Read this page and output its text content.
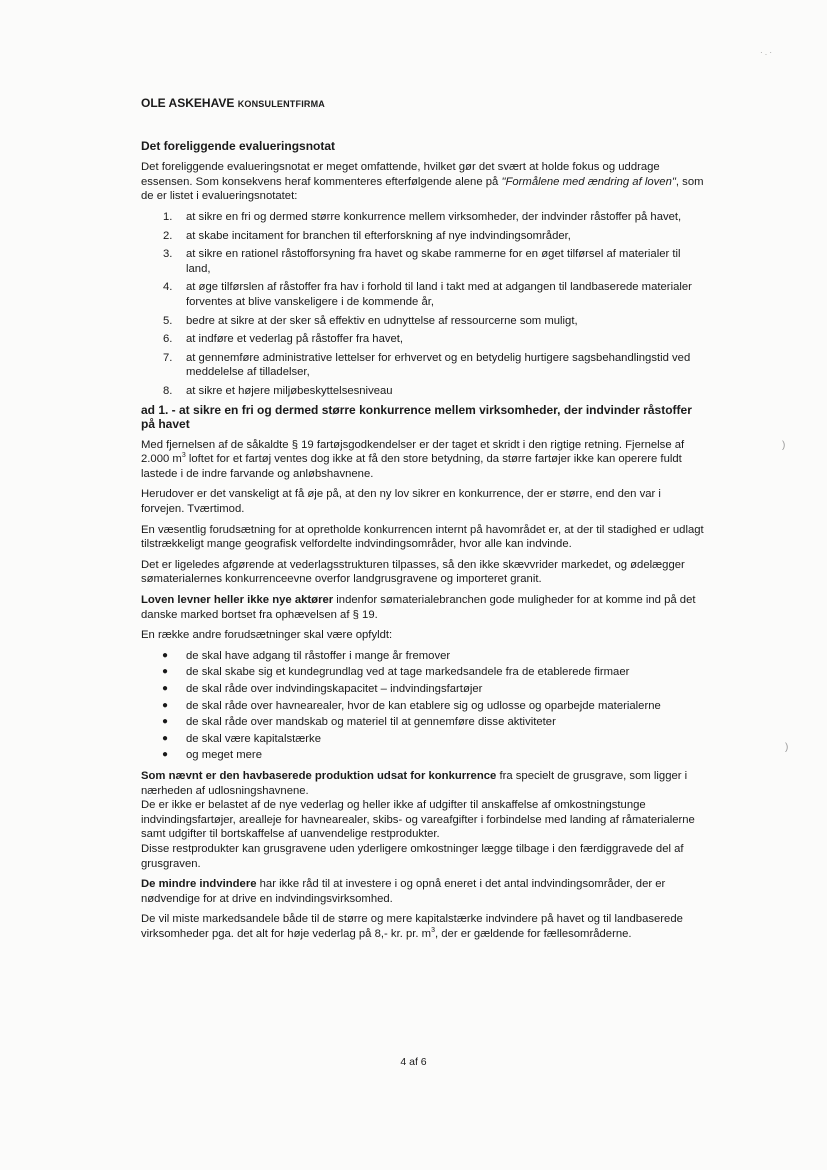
)
)
· . ·
OLE ASKEHAVE KONSULENTFIRMA
Det foreliggende evalueringsnotat

Det foreliggende evalueringsnotat er meget omfattende, hvilket gør det svært at holde fokus og uddrage essensen. Som konsekvens heraf kommenteres efterfølgende alene på "Formålene med ændring af loven", som de er listet i evalueringsnotatet:

1. at sikre en fri og dermed større konkurrence mellem virksomheder, der indvinder råstoffer på havet,
2. at skabe incitament for branchen til efterforskning af nye indvindingsområder,
3. at sikre en rationel råstofforsyning fra havet og skabe rammerne for en øget tilførsel af materialer til land,
4. at øge tilførslen af råstoffer fra hav i forhold til land i takt med at adgangen til landbaserede materialer forventes at blive vanskeligere i de kommende år,
5. bedre at sikre at der sker så effektiv en udnyttelse af ressourcerne som muligt,
6. at indføre et vederlag på råstoffer fra havet,
7. at gennemføre administrative lettelser for erhvervet og en betydelig hurtigere sagsbehandlingstid ved meddelelse af tilladelser,
8. at sikre et højere miljøbeskyttelsesniveau
ad 1. - at sikre en fri og dermed større konkurrence mellem virksomheder, der indvinder råstoffer på havet

Med fjernelsen af de såkaldte § 19 fartøjsgodkendelser er der taget et skridt i den rigtige retning. Fjernelse af 2.000 $m^3$ loftet for et fartøj ventes dog ikke at få den store betydning, da større fartøjer ikke kan operere fuldt lastede i de indre farvande og anløbshavnene.

Herudover er det vanskeligt at få øje på, at den ny lov sikrer en konkurrence, der er større, end den var i forvejen. Tværtimod.

En væsentlig forudsætning for at opretholde konkurrencen internt på havområdet er, at der til stadighed er udlagt tilstrækkeligt mange geografisk velfordelte indvindingsområder, hvor alle kan indvinde.

Det er ligeledes afgørende at vederlagsstrukturen tilpasses, så den ikke skævvrider markedet, og ødelægger sømaterialernes konkurrenceevne overfor landgrusgravene og importeret granit.

Loven levner heller ikke nye aktører indenfor sømaterialebranchen gode muligheder for at komme ind på det danske marked bortset fra ophævelsen af § 19.

En række andre forudsætninger skal være opfyldt:

● de skal have adgang til råstoffer i mange år fremover
● de skal skabe sig et kundegrundlag ved at tage markedsandele fra de etablerede firmaer
● de skal råde over indvindingskapacitet – indvindingsfartøjer
● de skal råde over havnearealer, hvor de kan etablere sig og udlosse og oparbejde materialerne
● de skal råde over mandskab og materiel til at gennemføre disse aktiviteter
● de skal være kapitalstærke
● og meget mere

Som nævnt er den havbaserede produktion udsat for konkurrence fra specielt de grusgrave, som ligger i nærheden af udlosningshavnene.

De er ikke er belastet af de nye vederlag og heller ikke af udgifter til anskaffelse af omkostningstunge indvindingsfartøjer, arealleje for havnearealer, skibs- og vareafgifter i forbindelse med landing af råmaterialerne samt udgifter til bortskaffelse af uanvendelige restprodukter.

Disse restprodukter kan grusgravene uden yderligere omkostninger lægge tilbage i den færdiggravede del af grusgraven.

De mindre indvindere har ikke råd til at investere i og opnå eneret i det antal indvindingsområder, der er nødvendige for at drive en indvindingsvirksomhed.

De vil miste markedsandele både til de større og mere kapitalstærke indvindere på havet og til landbaserede virksomheder pga. det alt for høje vederlag på 8,- kr. pr. $m^3$, der er gældende for fællesområderne.

4 af 6
